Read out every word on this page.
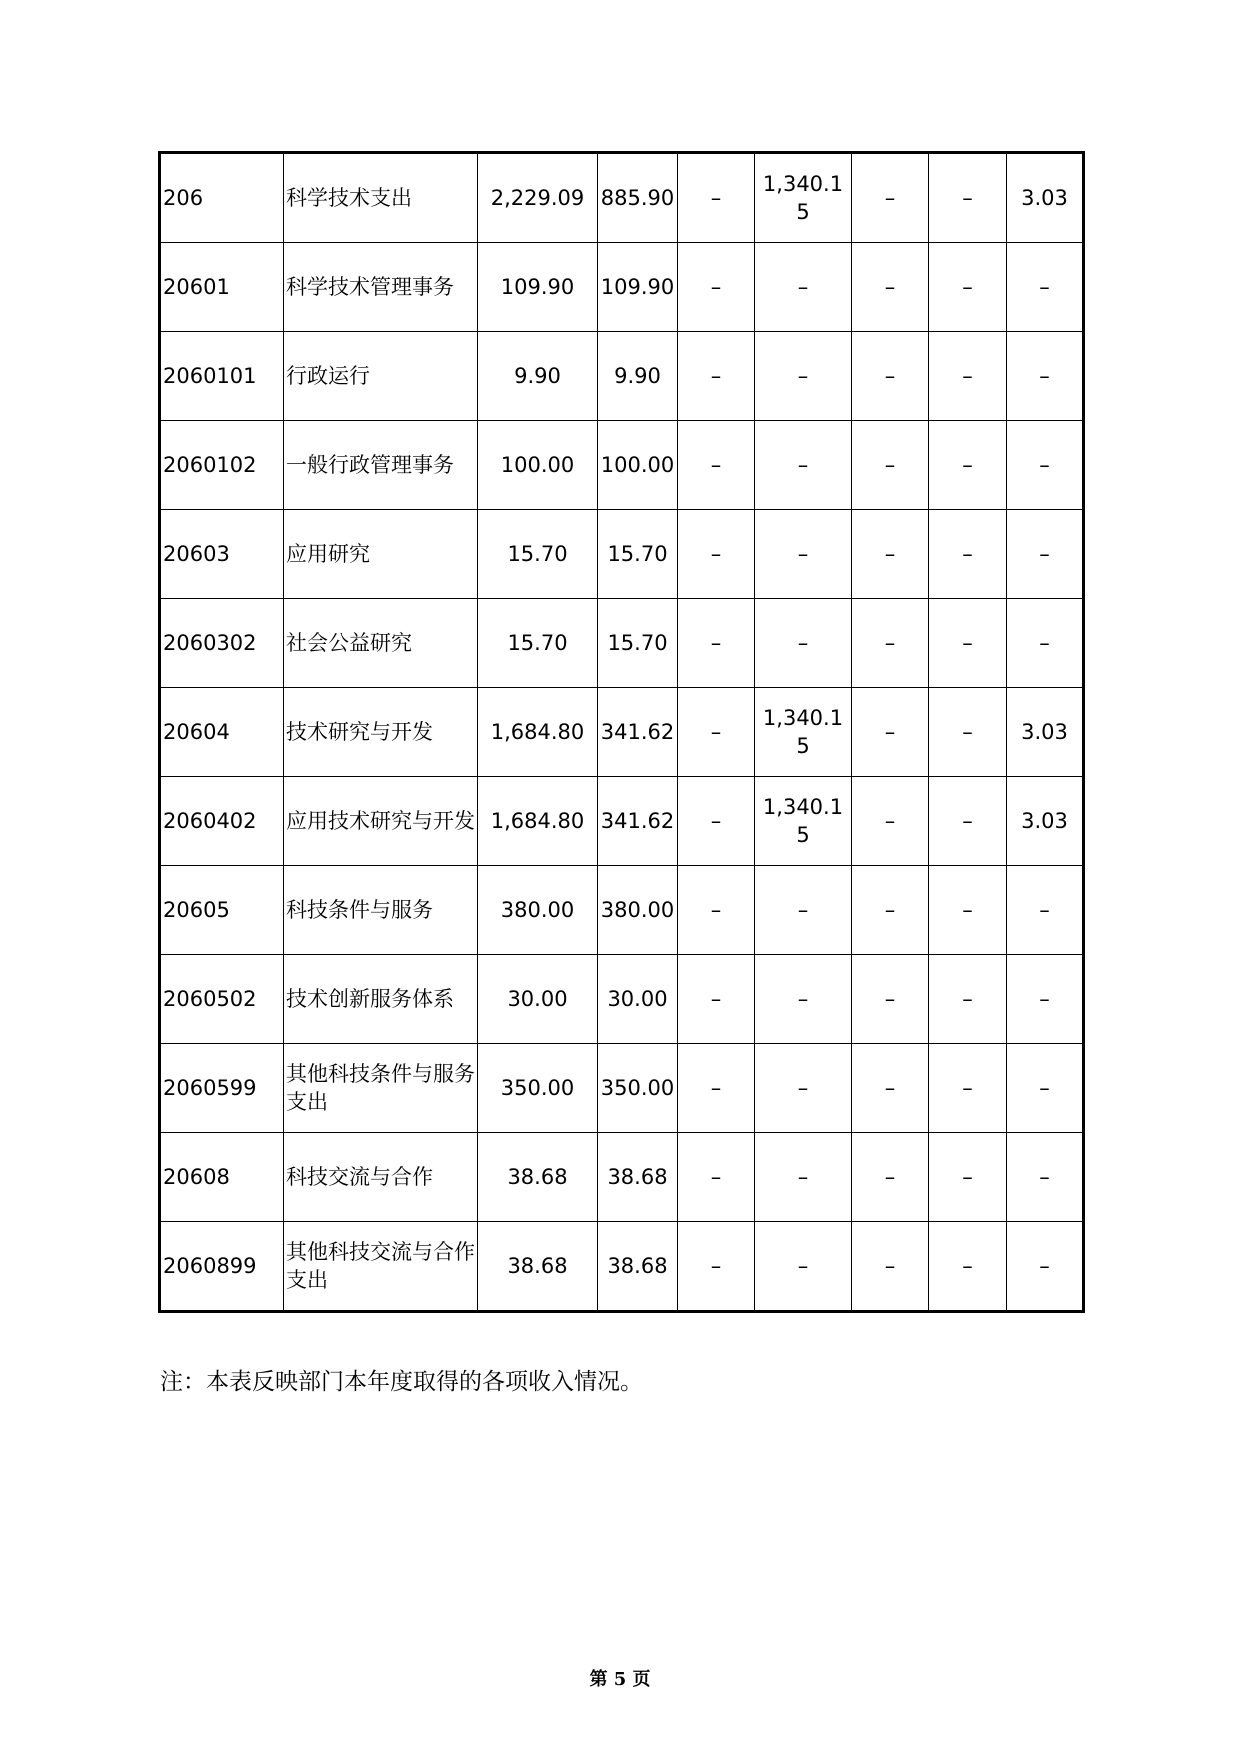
206	科学技术支出	2,229.09	885.90	–	1,340.15	–	–	3.03
20601	科学技术管理事务	109.90	109.90	–	–	–	–	–
2060101	行政运行	9.90	9.90	–	–	–	–	–
2060102	一般行政管理事务	100.00	100.00	–	–	–	–	–
20603	应用研究	15.70	15.70	–	–	–	–	–
2060302	社会公益研究	15.70	15.70	–	–	–	–	–
20604	技术研究与开发	1,684.80	341.62	–	1,340.15	–	–	3.03
2060402	应用技术研究与开发	1,684.80	341.62	–	1,340.15	–	–	3.03
20605	科技条件与服务	380.00	380.00	–	–	–	–	–
2060502	技术创新服务体系	30.00	30.00	–	–	–	–	–
2060599	其他科技条件与服务支出	350.00	350.00	–	–	–	–	–
20608	科技交流与合作	38.68	38.68	–	–	–	–	–
2060899	其他科技交流与合作支出	38.68	38.68	–	–	–	–	–
注：本表反映部门本年度取得的各项收入情况。
第 5 页
